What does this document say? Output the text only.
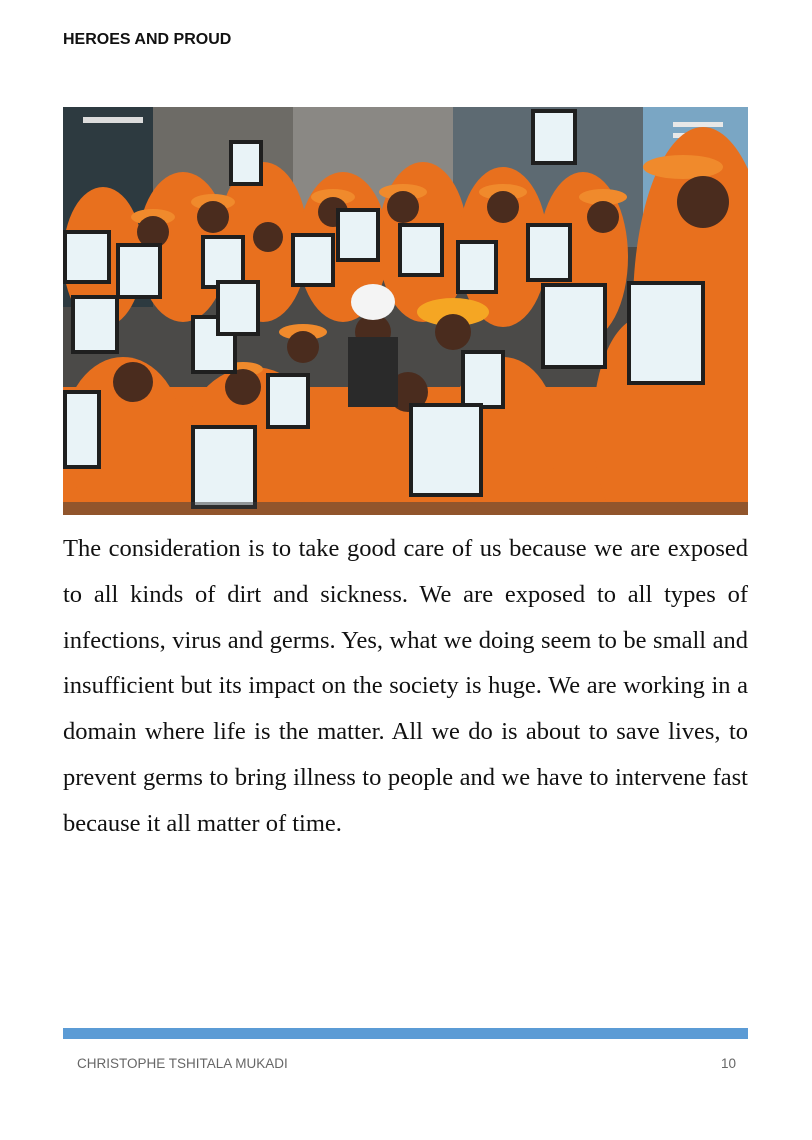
HEROES AND PROUD
The consideration is to take good care of us because we are exposed to all kinds of dirt and sickness. We are exposed to all types of infections, virus and germs. Yes, what we doing seem to be small and insufficient but its impact on the society is huge. We are working in a domain where life is the matter. All we do is about to save lives, to prevent germs to bring illness to people and we have to intervene fast because it all matter of time.
CHRISTOPHE TSHITALA MUKADI	10
